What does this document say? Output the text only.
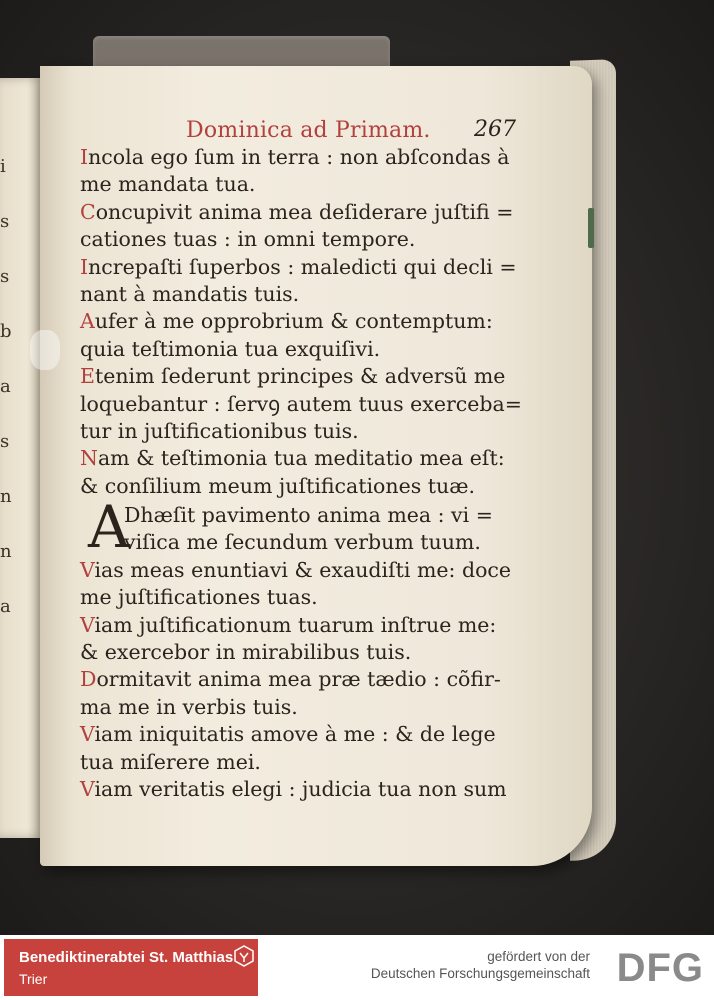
i
s
s
b
a
s
n
n
a
Dominica ad Primam. 267
Incola ego ſum in terra : non abſcondas à
me mandata tua.
Concupivit anima mea deſiderare juſtifi =
cationes tuas : in omni tempore.
Increpaſti ſuperbos : maledicti qui decli =
nant à mandatis tuis.
Aufer à me opprobrium & contemptum:
quia teſtimonia tua exquiſivi.
Etenim ſederunt principes & adversũ me
loquebantur : ſervꝯ autem tuus exerceba=
tur in juſtificationibus tuis.
Nam & teſtimonia tua meditatio mea eſt:
& conſilium meum juſtificationes tuæ.
A
Dhæſit pavimento anima mea : vi =
viſica me ſecundum verbum tuum.
Vias meas enuntiavi & exaudiſti me: doce
me juſtificationes tuas.
Viam juſtificationum tuarum inſtrue me:
& exercebor in mirabilibus tuis.
Dormitavit anima mea præ tædio : cõfir-
ma me in verbis tuis.
Viam iniquitatis amove à me : & de lege
tua miſerere mei.
Viam veritatis elegi : judicia tua non sum
Benediktinerabtei St. Matthias
Trier
gefördert von der
Deutschen Forschungsgemeinschaft DFG
